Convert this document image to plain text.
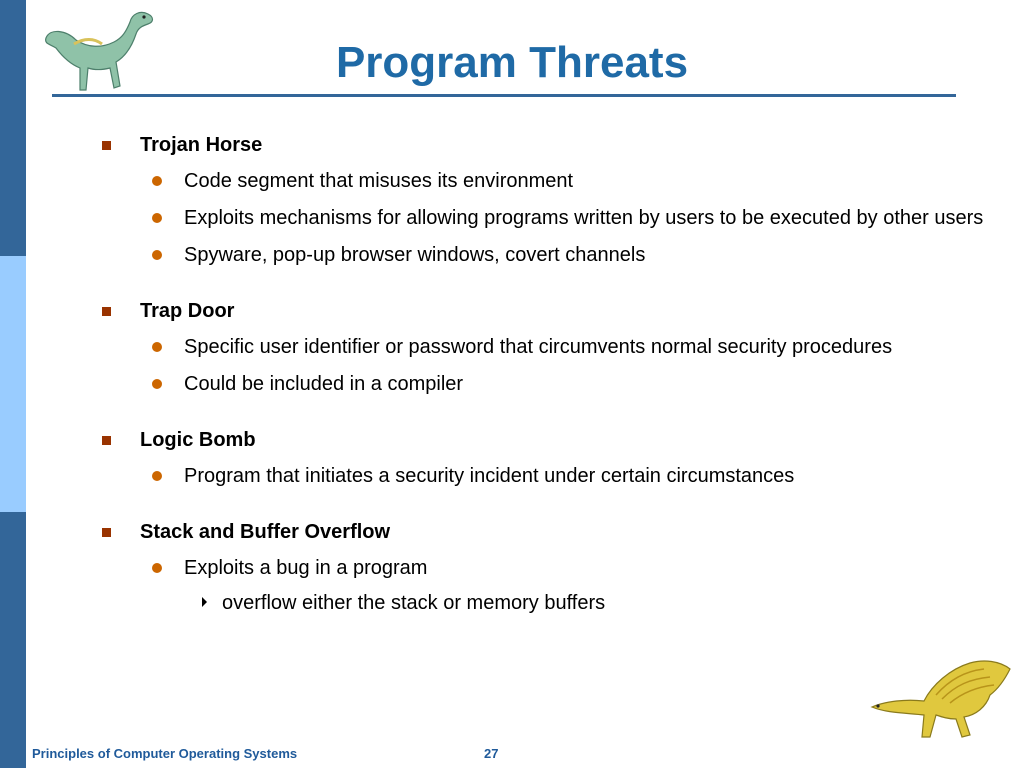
Program Threats
Trojan Horse
Code segment that misuses its environment
Exploits mechanisms for allowing programs written by users to be executed by other users
Spyware, pop-up browser windows, covert channels
Trap Door
Specific user identifier or password that circumvents normal security procedures
Could be included in a compiler
Logic Bomb
Program that initiates a security incident under certain circumstances
Stack and Buffer Overflow
Exploits a bug in a program
overflow either the stack or memory buffers
Principles of Computer Operating Systems	27
